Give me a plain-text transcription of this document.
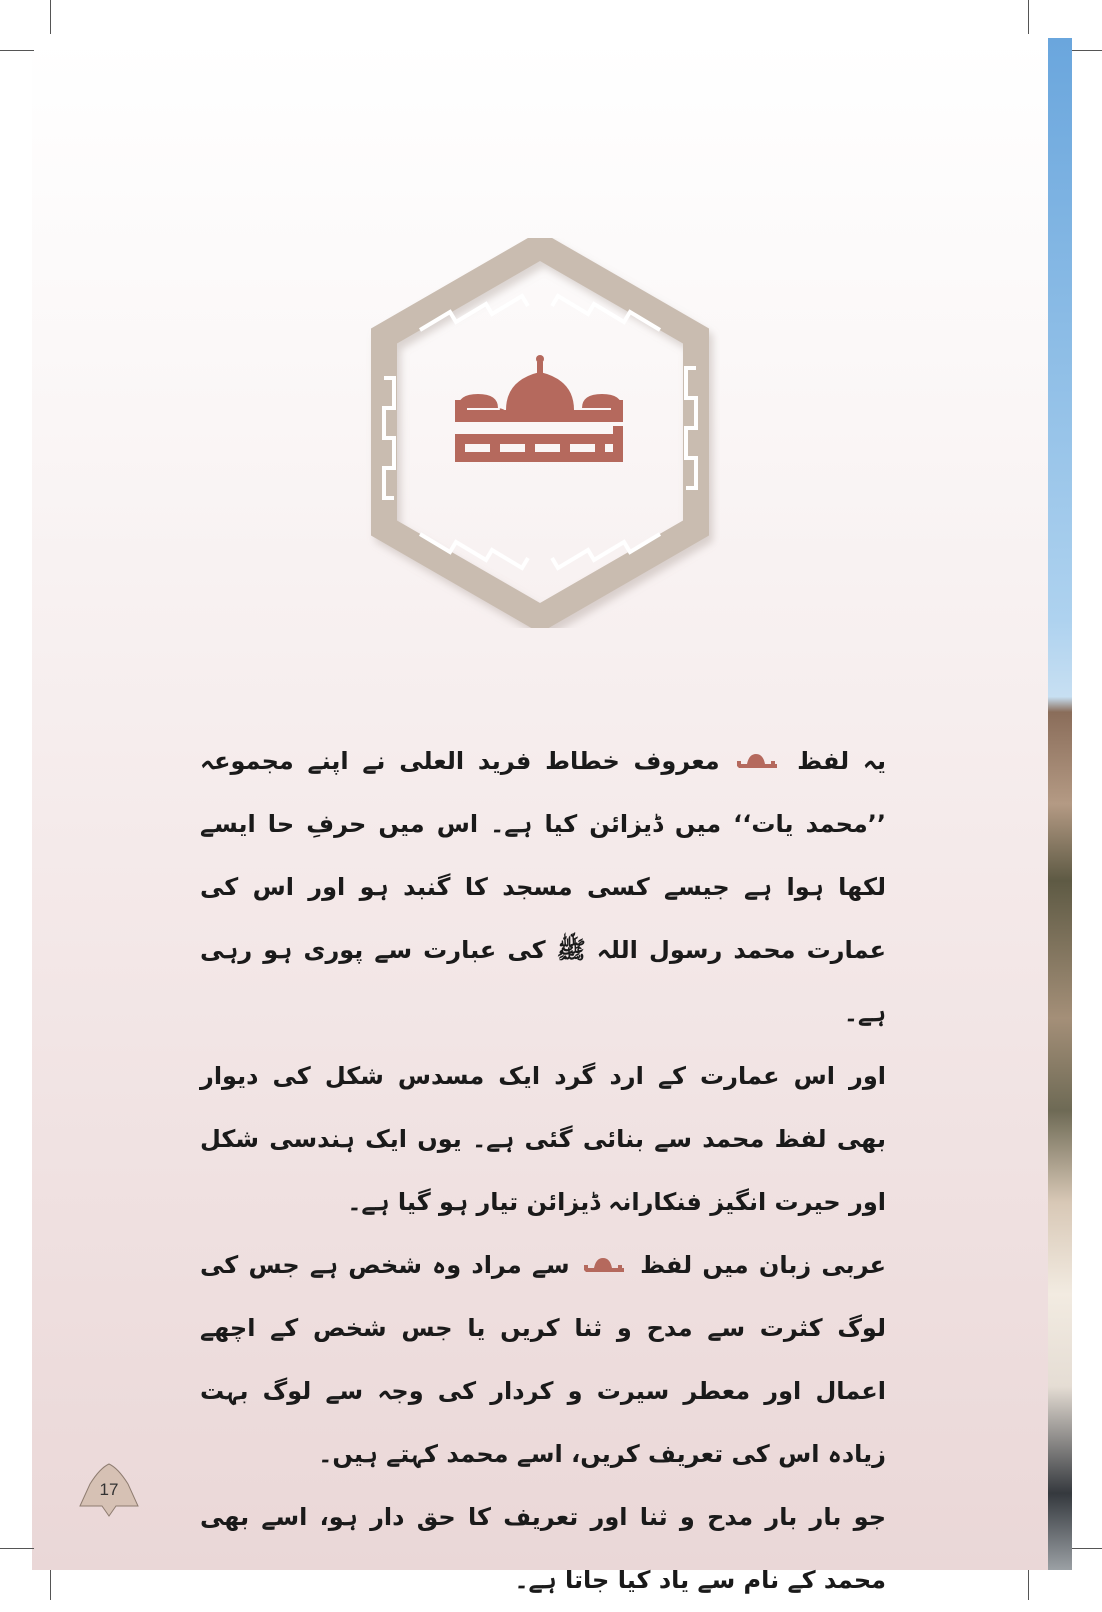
یہ لفظ  معروف خطاط فرید العلی نے اپنے مجموعہ ’’محمد یات‘‘ میں ڈیزائن کیا ہے۔ اس میں حرفِ حا ایسے لکھا ہوا ہے جیسے کسی مسجد کا گنبد ہو اور اس کی عمارت محمد رسول اللہ ﷺ کی عبارت سے پوری ہو رہی ہے۔

اور اس عمارت کے ارد گرد ایک مسدس شکل کی دیوار بھی لفظ محمد سے بنائی گئی ہے۔ یوں ایک ہندسی شکل اور حیرت انگیز فنکارانہ ڈیزائن تیار ہو گیا ہے۔

عربی زبان میں لفظ  سے مراد وہ شخص ہے جس کی لوگ کثرت سے مدح و ثنا کریں یا جس شخص کے اچھے اعمال اور معطر سیرت و کردار کی وجہ سے لوگ بہت زیادہ اس کی تعریف کریں، اسے محمد کہتے ہیں۔

جو بار بار مدح و ثنا اور تعریف کا حق دار ہو، اسے بھی محمد کے نام سے یاد کیا جاتا ہے۔

17
